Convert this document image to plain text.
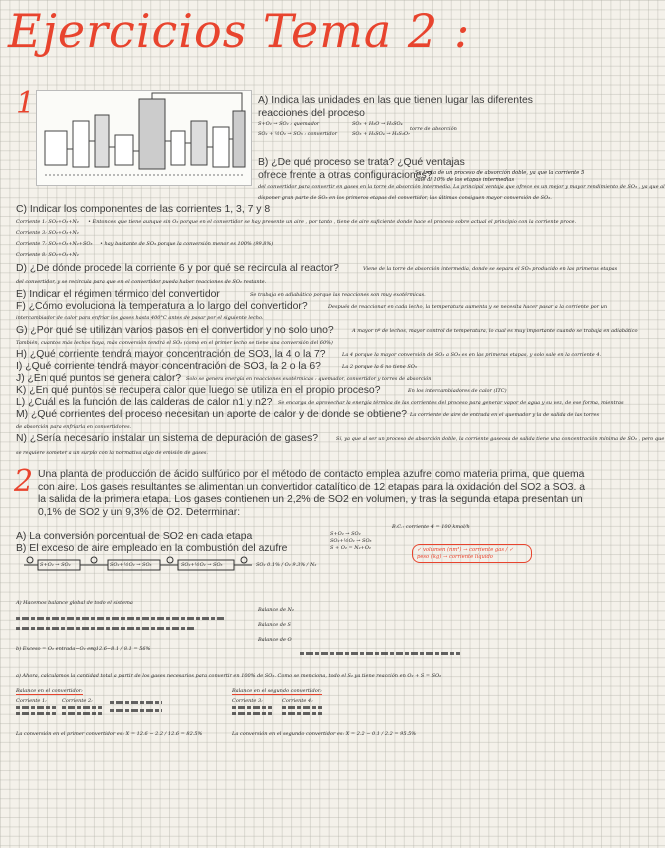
Ejercicios Tema 2 :
1	A) Indica las unidades en las que tienen lugar las diferentes reacciones del proceso
S+O₂ → SO₂ : quemador
SO₂ + ½O₂ → SO₃ : convertidor
SO₃ + H₂O → H₂SO₄
SO₃ + H₂SO₄ → H₂S₂O₇
torre de absorción
B) ¿De qué proceso se trata? ¿Qué ventajas ofrece frente a otras configuraciones?
Se trata de un proceso de absorción doble, ya que la corriente 5 sale al 10% de los etapas intermedias
del convertidor para convertir en gases en la torre de absorción intermedia. La principal ventaja que ofrece es un mejor y mayor rendimiento de SO₃ , ya que al
disponer gran parte de SO₃ en los primeros etapas del convertidor, las últimas consiguen mayor conversión de SO₂.
C) Indicar los componentes de las corrientes 1, 3, 7 y 8
Corriente 1: SO₂+O₂+N₂ • Entonces que tiene aunque sin O₂ porque en el convertidor se hay presente un aire , por tanto , tiene de aire suficiente donde hace el proceso sobre actual el principio con la corriente proce.
Corriente 3: SO₂+O₂+N₂
Corriente 7: SO₂+O₂+N₂+SO₃ • hay bastante de SO₃ porque la conversión menor es 100% (99.8%)
Corriente 8: SO₂+O₂+N₂
D) ¿De dónde procede la corriente 6 y por qué se recircula al reactor?	Viene de la torre de absorción intermedia, donde se separa el SO₃ producido en las primeras etapas
del convertidor, y se recircula para que en el convertidor pueda haber reacciones de SO₂ restante.
E) Indicar el régimen térmico del convertidor	Se trabaja en adiabático porque las reacciones son muy exotérmicas.
F) ¿Cómo evoluciona la temperatura a lo largo del convertidor?	Después de reaccionar en cada lecho, la temperatura aumenta y se necesita hacer pasar a la corriente por un
intercambiador de calor para enfriar los gases hasta 400°C antes de pasar por el siguiente lecho.
G) ¿Por qué se utilizan varios pasos en el convertidor y no solo uno?	A mayor nº de lechos, mayor control de temperatura, lo cual es muy importante cuando se trabaja en adiabático
También, cuantos más lechos haya, más conversión tendrá el SO₂ (como en el primer lecho se tiene una conversión del 60%)
H) ¿Qué corriente tendrá mayor concentración de SO3, la 4 o la 7?	La 4 porque la mayor conversión de SO₂ a SO₃ es en las primeras etapas, y solo sale en la corriente 4.
I) ¿Qué corriente tendrá mayor concentración de SO3, la 2 o la 6?	La 2 porque la 6 no tiene SO₃
J) ¿En qué puntos se genera calor? Solo se genera energía en reacciones exotérmicas : quemador, convertidor y torres de absorción
K) ¿En qué puntos se recupera calor que luego se utiliza en el propio proceso?	En los intercambiadores de calor (ITC)
L) ¿Cuál es la función de las calderas de calor n1 y n2? Se encarga de aprovechar la energía térmica de las corrientes del proceso para generar vapor de agua y su vez, de ese forma, mientras
M) ¿Qué corrientes del proceso necesitan un aporte de calor y de donde se obtiene? La corriente de aire de entrada en el quemador y la de salida de las torres
de absorción para enfriarla en convertidores.
N) ¿Sería necesario instalar un sistema de depuración de gases?	Sí, ya que al ser un proceso de absorción doble, la corriente gaseosa de salida tiene una concentración mínima de SO₂ , pero que
se requiere someter a un surplo con la normativa algo de emisión de gases.
2 Una planta de producción de ácido sulfúrico por el método de contacto emplea azufre como materia prima, que quema con aire. Los gases resultantes se alimentan un convertidor catalítico de 12 etapas para la oxidación del SO2 a SO3. a la salida de la primera etapa. Los gases contienen un 2,2% de SO2 en volumen, y tras la segunda etapa presentan un 0,1% de SO2 y un 9,3% de O2. Determinar:
A) La conversión porcentual de SO2 en cada etapa
B) El exceso de aire empleado en la combustión del azufre
S+O₂ → SO₂
SO₂+½O₂ → SO₃
S + O₂ = N₂+O₂
B.C.: corriente 4 = 100 kmol/h
✓ volumen (nm³) → corriente gas / ✓ peso (kg) → corriente líquido
S+O₂ → SO₂	SO₂+½O₂ → SO₃	SO₂+½O₂ → SO₃	SO₂ 0.1% / O₂ 9.3% / N₂
A) Hacemos balance global de todo el sistema
Balance de N₂
Balance de S
Balance de O
b) Exceso = O₂ entrada−O₂ esq
= 12.6−8.1 / 8.1 = 56%
a) Ahora, calculamos la cantidad total a partir de los gases necesarios para convertir en 100% de SO₂. Como se menciona, todo el S₂ ya tiene reacción en O₂ + S = SO₂
Balance en el convertidor:	Balance en el segundo convertidor:
Corriente 1:	Corriente 2:	Corriente 3:	Corriente 4:
La conversión en el primer convertidor es: X = 12.6 − 2.2 / 12.6 = 82.5%	La conversión en el segundo convertidor es: X = 2.2 − 0.1 / 2.2 = 95.5%
